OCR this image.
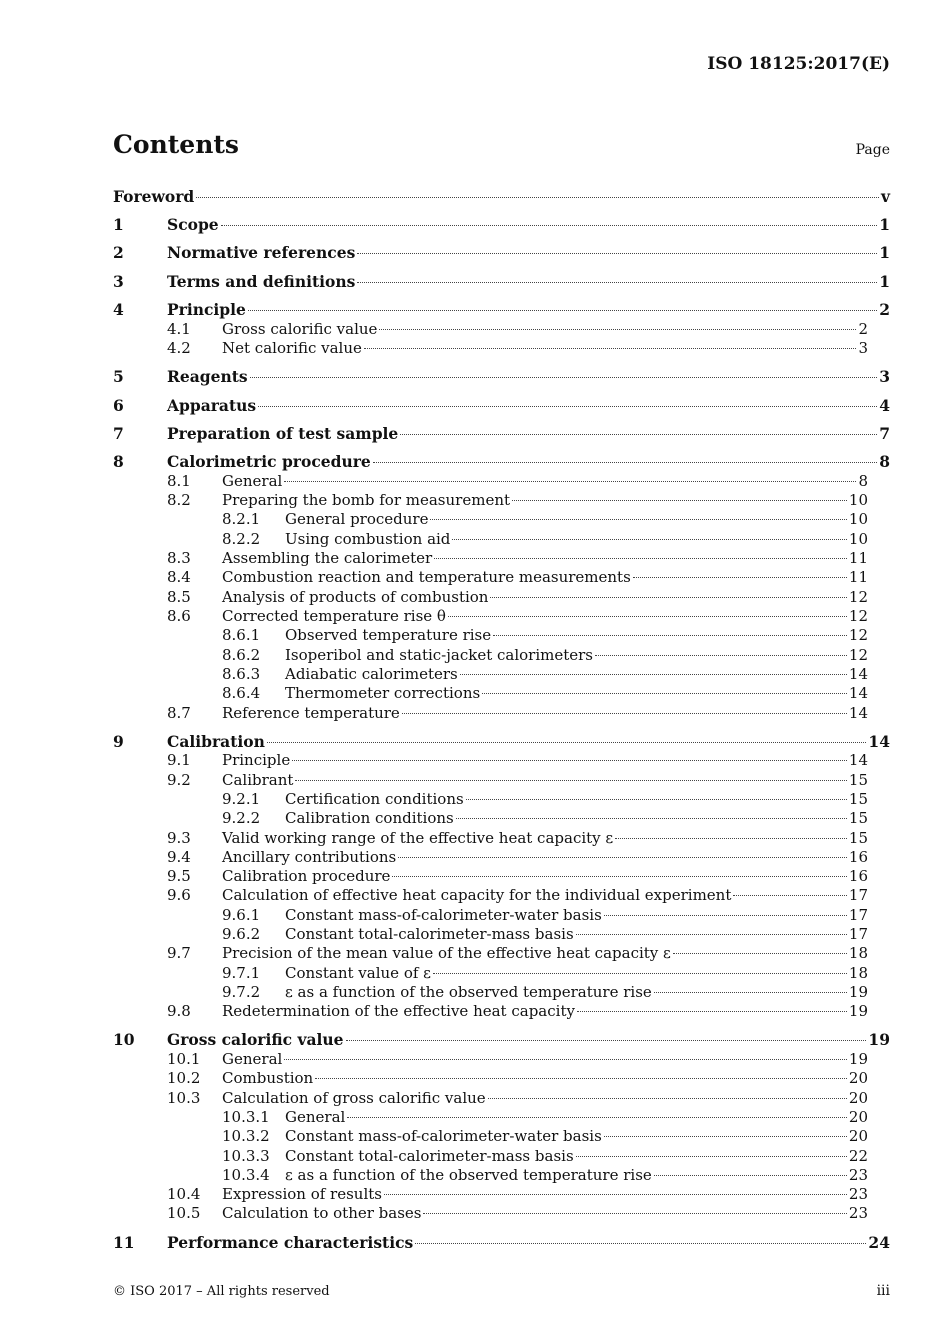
ISO 18125:2017(E)
Contents	Page
Foreword	v
1	Scope	1
2	Normative references	1
3	Terms and definitions	1
4	Principle	2
4.1	Gross calorific value	2
4.2	Net calorific value	3
5	Reagents	3
6	Apparatus	4
7	Preparation of test sample	7
8	Calorimetric procedure	8
8.1	General	8
8.2	Preparing the bomb for measurement	10
8.2.1	General procedure	10
8.2.2	Using combustion aid	10
8.3	Assembling the calorimeter	11
8.4	Combustion reaction and temperature measurements	11
8.5	Analysis of products of combustion	12
8.6	Corrected temperature rise θ	12
8.6.1	Observed temperature rise	12
8.6.2	Isoperibol and static-jacket calorimeters	12
8.6.3	Adiabatic calorimeters	14
8.6.4	Thermometer corrections	14
8.7	Reference temperature	14
9	Calibration	14
9.1	Principle	14
9.2	Calibrant	15
9.2.1	Certification conditions	15
9.2.2	Calibration conditions	15
9.3	Valid working range of the effective heat capacity ε	15
9.4	Ancillary contributions	16
9.5	Calibration procedure	16
9.6	Calculation of effective heat capacity for the individual experiment	17
9.6.1	Constant mass-of-calorimeter-water basis	17
9.6.2	Constant total-calorimeter-mass basis	17
9.7	Precision of the mean value of the effective heat capacity ε	18
9.7.1	Constant value of ε	18
9.7.2	ε as a function of the observed temperature rise	19
9.8	Redetermination of the effective heat capacity	19
10	Gross calorific value	19
10.1	General	19
10.2	Combustion	20
10.3	Calculation of gross calorific value	20
10.3.1	General	20
10.3.2	Constant mass-of-calorimeter-water basis	20
10.3.3	Constant total-calorimeter-mass basis	22
10.3.4	ε as a function of the observed temperature rise	23
10.4	Expression of results	23
10.5	Calculation to other bases	23
11	Performance characteristics	24
© ISO 2017 – All rights reserved	iii
